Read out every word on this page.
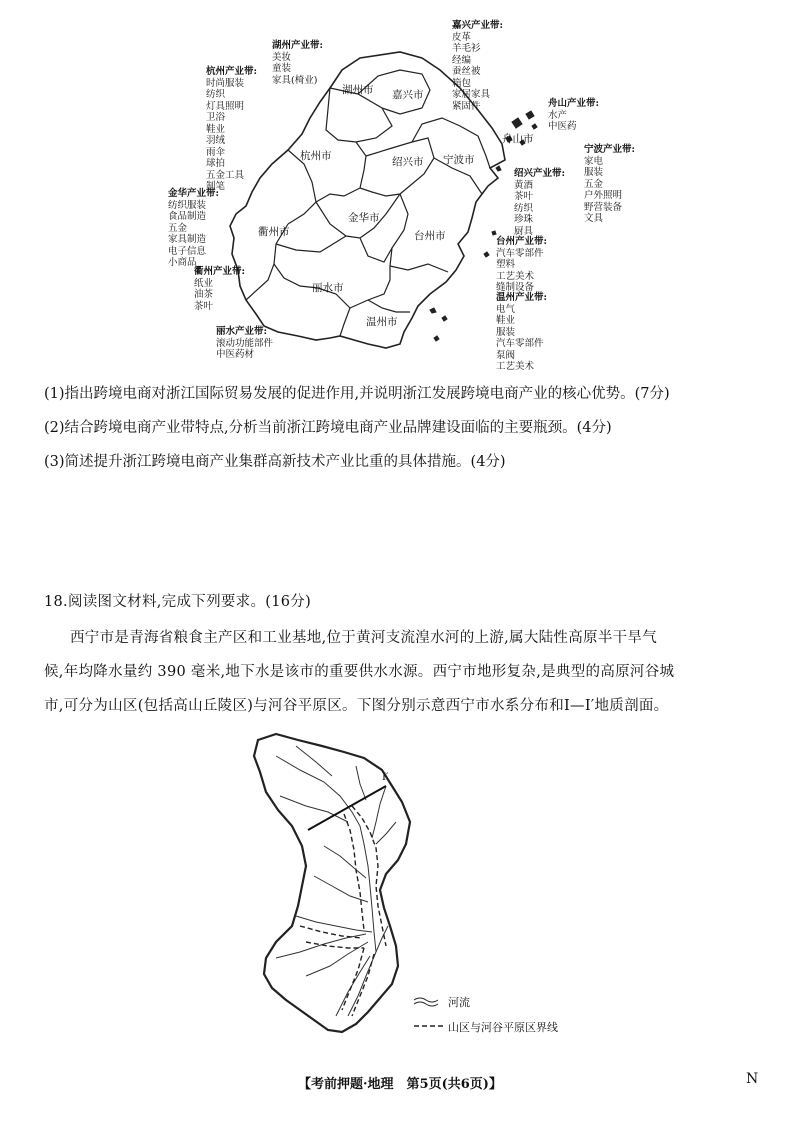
湖州市 嘉兴市
杭州市	绍兴市 宁波市
舟山市
金华市
衢州市	台州市
丽水市
温州市
湖州产业带:
美妆
童装
家具(椅业)
嘉兴产业带:
皮革
羊毛衫
经编
蚕丝被
箱包
家居家具
紧固件
杭州产业带:
时尚服装
纺织
灯具照明
卫浴
鞋业
羽绒
雨伞
球拍
五金工具
制笔
舟山产业带:
水产
中医药
宁波产业带:
家电
服装
五金
户外照明
野营装备
文具
绍兴产业带:
黄酒
茶叶
纺织
珍珠
厨具
金华产业带:
纺织服装
食品制造
五金
家具制造
电子信息
小商品
台州产业带:
汽车零部件
塑料
工艺美术
缝制设备
衢州产业带:
纸业
油茶
茶叶
温州产业带:
电气
鞋业
服装
汽车零部件
泵阀
工艺美术
丽水产业带:
滚动功能部件
中医药材
(1)指出跨境电商对浙江国际贸易发展的促进作用,并说明浙江发展跨境电商产业的核心优势。(7分)
(2)结合跨境电商产业带特点,分析当前浙江跨境电商产业品牌建设面临的主要瓶颈。(4分)
(3)简述提升浙江跨境电商产业集群高新技术产业比重的具体措施。(4分)
18.阅读图文材料,完成下列要求。(16分)
西宁市是青海省粮食主产区和工业基地,位于黄河支流湟水河的上游,属大陆性高原半干旱气
候,年均降水量约 390 毫米,地下水是该市的重要供水水源。西宁市地形复杂,是典型的高原河谷城
市,可分为山区(包括高山丘陵区)与河谷平原区。下图分别示意西宁市水系分布和Ⅰ—Ⅰ′地质剖面。
I′
河流
山区与河谷平原区界线
【考前押题·地理　第5页(共6页)】	N
